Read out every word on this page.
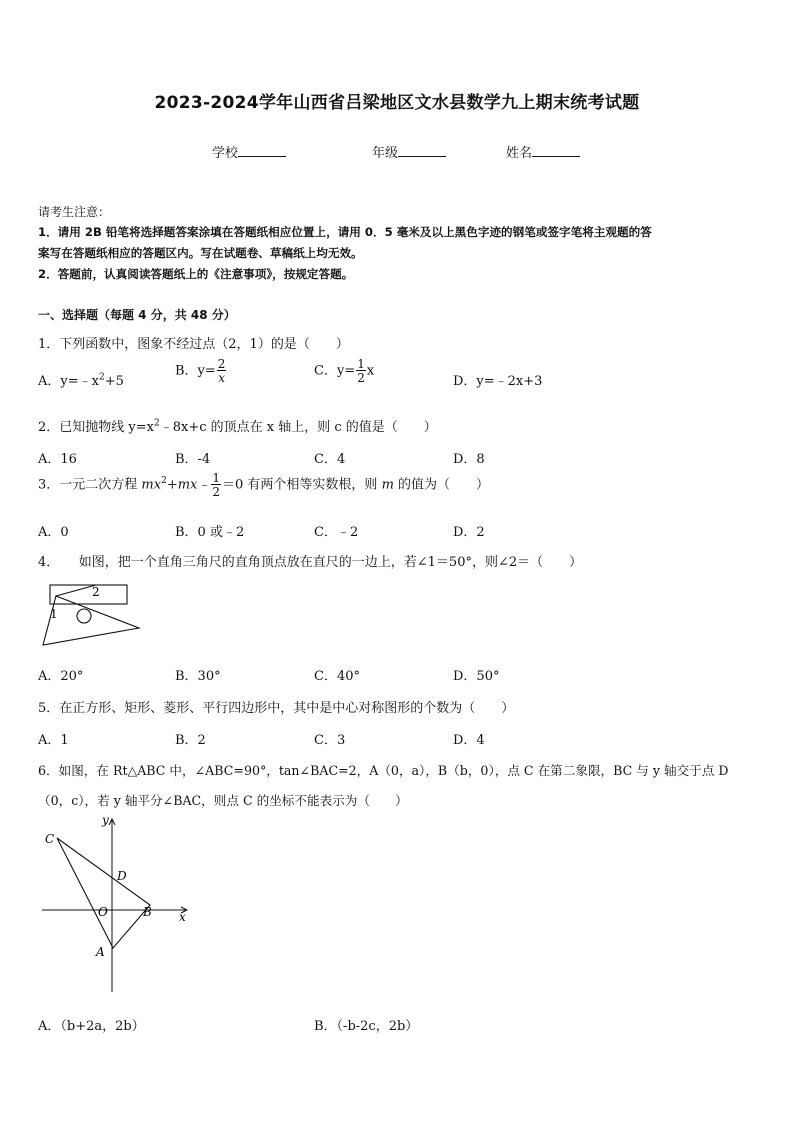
2023-2024学年山西省吕梁地区文水县数学九上期末统考试题
学校	年级	姓名
请考生注意：
1．请用 2B 铅笔将选择题答案涂填在答题纸相应位置上，请用 0．5 毫米及以上黑色字迹的钢笔或签字笔将主观题的答
案写在答题纸相应的答题区内。写在试题卷、草稿纸上均无效。
2．答题前，认真阅读答题纸上的《注意事项》，按规定答题。
一、选择题（每题 4 分，共 48 分）
1．下列函数中，图象不经过点（2，1）的是（　　）
A．$y=﹣x^2+5$
B．$y= \frac{2}{x}$	C．$y= \frac{1}{2}$ x
D．y=﹣2x+3
2．已知抛物线 $y=x^2﹣8x+c$ 的顶点在 x 轴上，则 c 的值是（　　）
A．16	B．-4	C．4	D．8
3．一元二次方程 $mx^2+mx﹣ \frac{1}{2} =0$ 有两个相等实数根，则 m 的值为（　　）
A．0	B．0 或﹣2	C．﹣2	D．2
4．　　如图，把一个直角三角尺的直角顶点放在直尺的一边上，若∠1＝50°，则∠2＝（　　）
1
2
A．20°	B．30°	C．40°	D．50°
5．在正方形、矩形、菱形、平行四边形中，其中是中心对称图形的个数为（　　）
A．1	B．2	C．3	D．4
6．如图，在 Rt△ABC 中，∠ABC=90°，tan∠BAC=2，A（0，a），B（b，0），点 C 在第二象限，BC 与 y 轴交于点 D
（0，c），若 y 轴平分∠BAC，则点 C 的坐标不能表示为（　　）
C
D
O	B
A
x
y
A．（b+2a，2b）	B．（-b-2c，2b）
